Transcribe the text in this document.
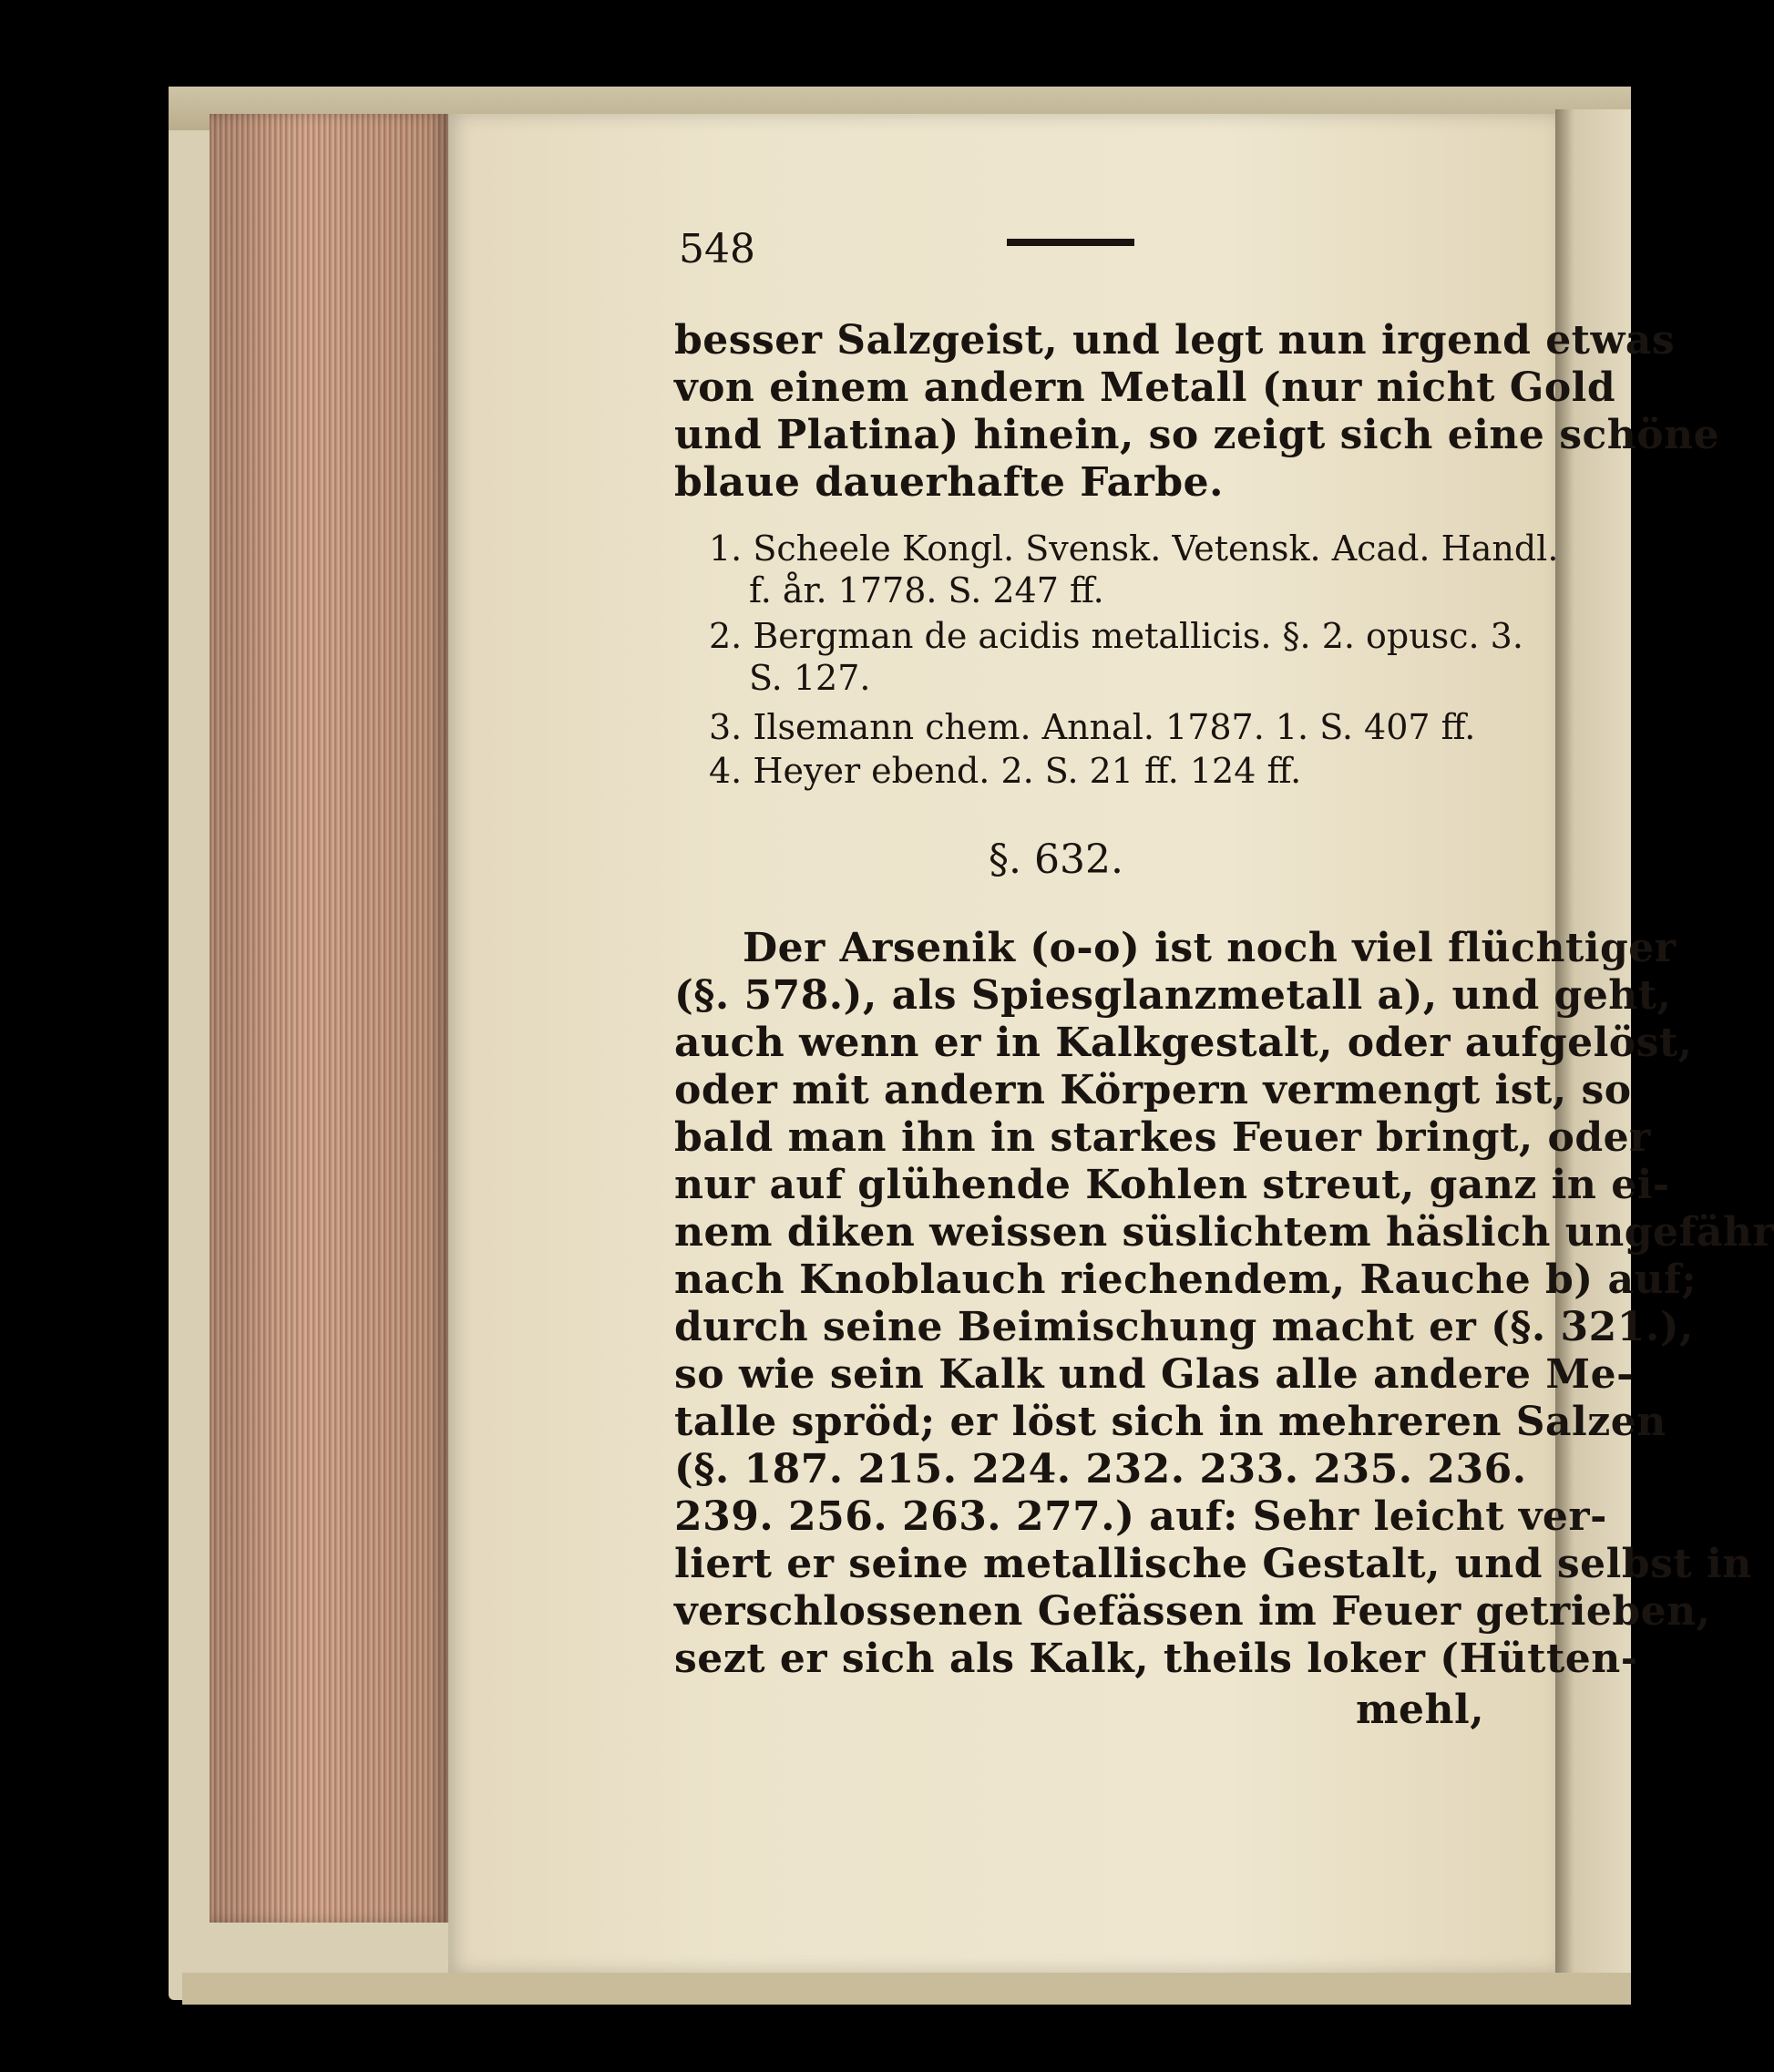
548
besser Salzgeist, und legt nun irgend etwas
von einem andern Metall (nur nicht Gold
und Platina) hinein, so zeigt sich eine schöne
blaue dauerhafte Farbe.
1. Scheele Kongl. Svensk. Vetensk. Acad. Handl.
f. år. 1778. S. 247 ff.
2. Bergman de acidis metallicis. §. 2. opusc. 3.
S. 127.
3. Ilsemann chem. Annal. 1787. 1. S. 407 ff.
4. Heyer ebend. 2. S. 21 ff. 124 ff.
§. 632.
Der Arsenik (o-o) ist noch viel flüchtiger
(§. 578.), als Spiesglanzmetall a), und geht,
auch wenn er in Kalkgestalt, oder aufgelöst,
oder mit andern Körpern vermengt ist, so
bald man ihn in starkes Feuer bringt, oder
nur auf glühende Kohlen streut, ganz in ei-
nem diken weissen süslichtem häslich ungefähr
nach Knoblauch riechendem, Rauche b) auf;
durch seine Beimischung macht er (§. 321.),
so wie sein Kalk und Glas alle andere Me-
talle spröd; er löst sich in mehreren Salzen
(§. 187. 215. 224. 232. 233. 235. 236.
239. 256. 263. 277.) auf: Sehr leicht ver-
liert er seine metallische Gestalt, und selbst in
verschlossenen Gefässen im Feuer getrieben,
sezt er sich als Kalk, theils loker (Hütten-
mehl,
